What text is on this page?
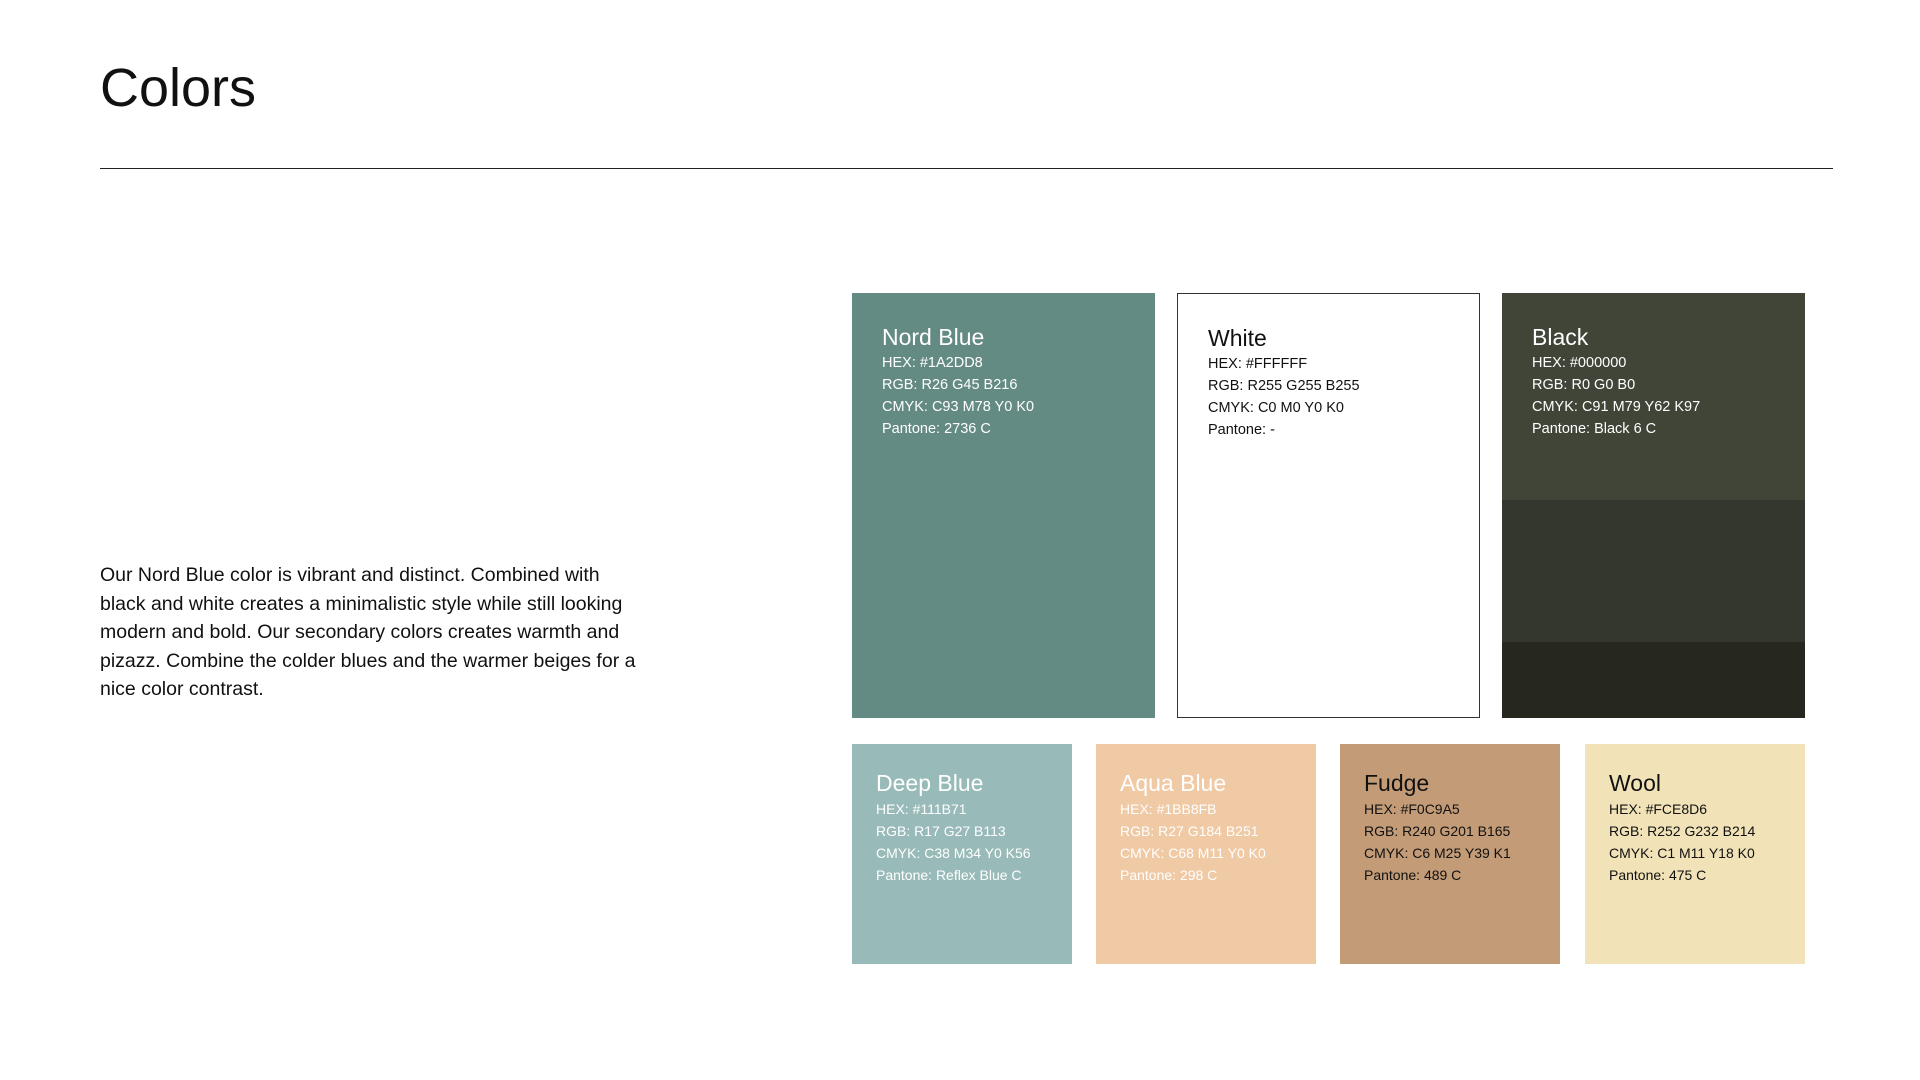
Colors

Our Nord Blue color is vibrant and distinct. Combined with black and white creates a minimalistic style while still looking modern and bold. Our secondary colors creates warmth and pizazz. Combine the colder blues and the warmer beiges for a nice color contrast.

Nord Blue
HEX: #1A2DD8
RGB: R26 G45 B216
CMYK: C93 M78 Y0 K0
Pantone: 2736 C
White
HEX: #FFFFFF
RGB: R255 G255 B255
CMYK: C0 M0 Y0 K0
Pantone: -
Black
HEX: #000000
RGB: R0 G0 B0
CMYK: C91 M79 Y62 K97
Pantone: Black 6 C
Deep Blue
HEX: #111B71
RGB: R17 G27 B113
CMYK: C38 M34 Y0 K56
Pantone: Reflex Blue C
Aqua Blue
HEX: #1BB8FB
RGB: R27 G184 B251
CMYK: C68 M11 Y0 K0
Pantone: 298 C
Fudge
HEX: #F0C9A5
RGB: R240 G201 B165
CMYK: C6 M25 Y39 K1
Pantone: 489 C
Wool
HEX: #FCE8D6
RGB: R252 G232 B214
CMYK: C1 M11 Y18 K0
Pantone: 475 C
